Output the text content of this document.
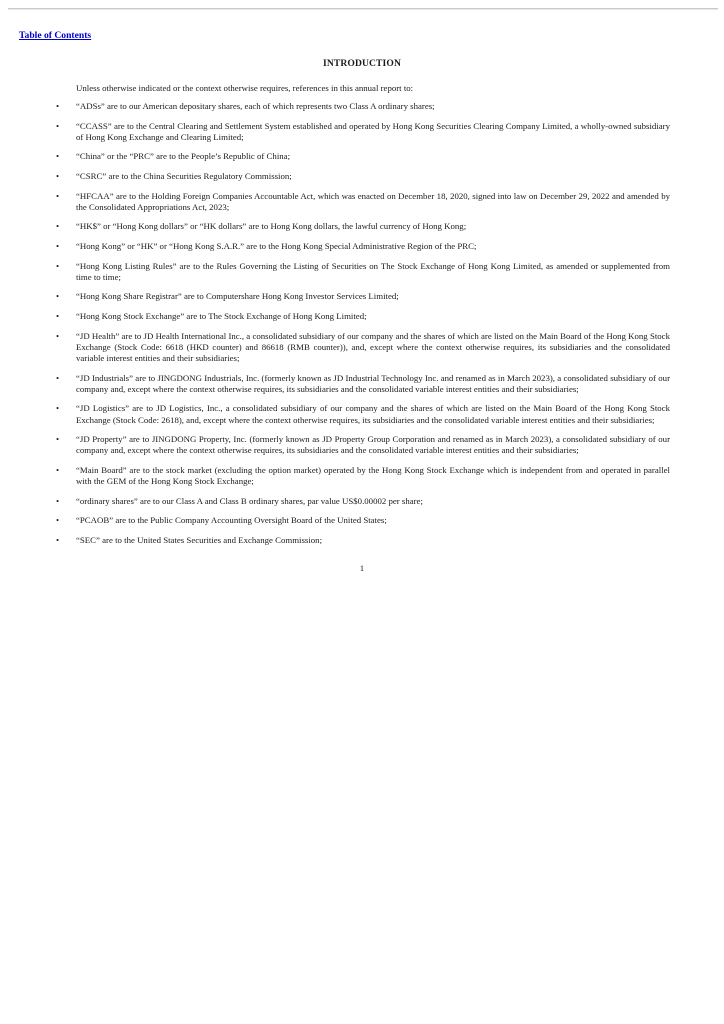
Table of Contents
INTRODUCTION
Unless otherwise indicated or the context otherwise requires, references in this annual report to:
•	“ADSs” are to our American depositary shares, each of which represents two Class A ordinary shares;
•	“CCASS” are to the Central Clearing and Settlement System established and operated by Hong Kong Securities Clearing Company Limited, a wholly-owned subsidiary of Hong Kong Exchange and Clearing Limited;
•	“China” or the “PRC” are to the People’s Republic of China;
•	“CSRC” are to the China Securities Regulatory Commission;
•	“HFCAA” are to the Holding Foreign Companies Accountable Act, which was enacted on December 18, 2020, signed into law on December 29, 2022 and amended by the Consolidated Appropriations Act, 2023;
•	“HK$” or “Hong Kong dollars” or “HK dollars” are to Hong Kong dollars, the lawful currency of Hong Kong;
•	“Hong Kong” or “HK” or “Hong Kong S.A.R.” are to the Hong Kong Special Administrative Region of the PRC;
•	“Hong Kong Listing Rules” are to the Rules Governing the Listing of Securities on The Stock Exchange of Hong Kong Limited, as amended or supplemented from time to time;
•	“Hong Kong Share Registrar” are to Computershare Hong Kong Investor Services Limited;
•	“Hong Kong Stock Exchange” are to The Stock Exchange of Hong Kong Limited;
•	“JD Health” are to JD Health International Inc., a consolidated subsidiary of our company and the shares of which are listed on the Main Board of the Hong Kong Stock Exchange (Stock Code: 6618 (HKD counter) and 86618 (RMB counter)), and, except where the context otherwise requires, its subsidiaries and the consolidated variable interest entities and their subsidiaries;
•	“JD Industrials” are to JINGDONG Industrials, Inc. (formerly known as JD Industrial Technology Inc. and renamed as in March 2023), a consolidated subsidiary of our company and, except where the context otherwise requires, its subsidiaries and the consolidated variable interest entities and their subsidiaries;
•	“JD Logistics” are to JD Logistics, Inc., a consolidated subsidiary of our company and the shares of which are listed on the Main Board of the Hong Kong Stock Exchange (Stock Code: 2618), and, except where the context otherwise requires, its subsidiaries and the consolidated variable interest entities and their subsidiaries;
•	“JD Property” are to JINGDONG Property, Inc. (formerly known as JD Property Group Corporation and renamed as in March 2023), a consolidated subsidiary of our company and, except where the context otherwise requires, its subsidiaries and the consolidated variable interest entities and their subsidiaries;
•	“Main Board” are to the stock market (excluding the option market) operated by the Hong Kong Stock Exchange which is independent from and operated in parallel with the GEM of the Hong Kong Stock Exchange;
•	“ordinary shares” are to our Class A and Class B ordinary shares, par value US$0.00002 per share;
•	“PCAOB” are to the Public Company Accounting Oversight Board of the United States;
•	“SEC” are to the United States Securities and Exchange Commission;
1
